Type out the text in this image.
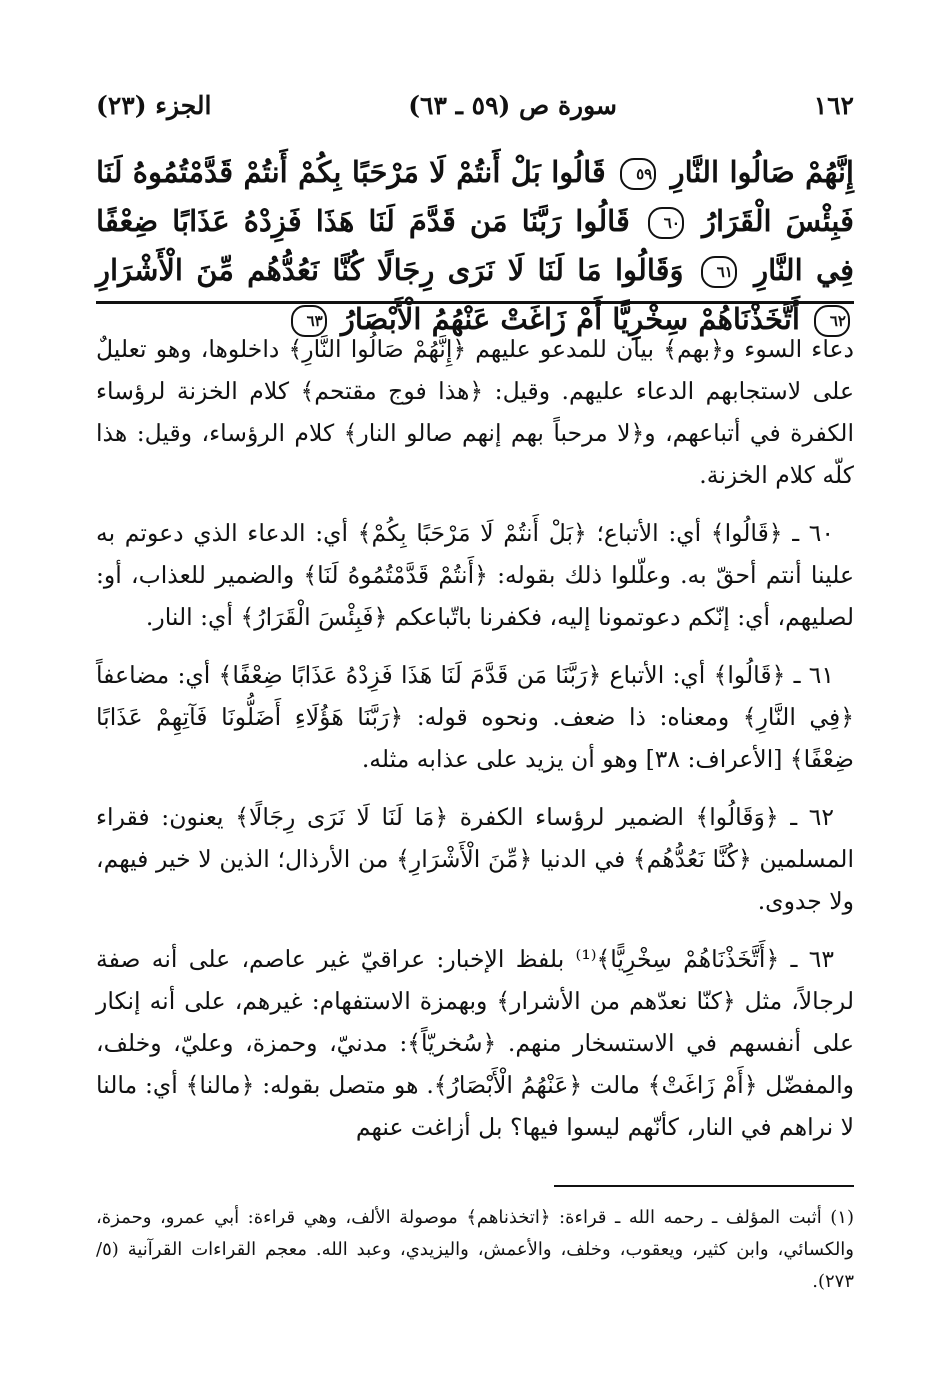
١٦٢
سورة ص (٥٩ ـ ٦٣)
الجزء (٢٣)
إِنَّهُمْ صَالُوا النَّارِ ٥٩ قَالُوا بَلْ أَنتُمْ لَا مَرْحَبًا بِكُمْ أَنتُمْ قَدَّمْتُمُوهُ لَنَا فَبِئْسَ الْقَرَارُ ٦٠ قَالُوا رَبَّنَا مَن قَدَّمَ لَنَا هَذَا فَزِدْهُ عَذَابًا ضِعْفًا فِي النَّارِ ٦١ وَقَالُوا مَا لَنَا لَا نَرَى رِجَالًا كُنَّا نَعُدُّهُم مِّنَ الْأَشْرَارِ ٦٢ أَتَّخَذْنَاهُمْ سِخْرِيًّا أَمْ زَاغَتْ عَنْهُمُ الْأَبْصَارُ ٦٣

دعاء السوء و﴿بهم﴾ بيان للمدعو عليهم ﴿إِنَّهُمْ صَالُوا النَّارِ﴾ داخلوها، وهو تعليلٌ على لاستجابهم الدعاء عليهم. وقيل: ﴿هذا فوج مقتحم﴾ كلام الخزنة لرؤساء الكفرة في أتباعهم، و﴿لا مرحباً بهم إنهم صالو النار﴾ كلام الرؤساء، وقيل: هذا كلّه كلام الخزنة.

٦٠ ـ ﴿قَالُوا﴾ أي: الأتباع؛ ﴿بَلْ أَنتُمْ لَا مَرْحَبًا بِكُمْ﴾ أي: الدعاء الذي دعوتم به علينا أنتم أحقّ به. وعلّلوا ذلك بقوله: ﴿أَنتُمْ قَدَّمْتُمُوهُ لَنَا﴾ والضمير للعذاب، أو: لصليهم، أي: إنّكم دعوتمونا إليه، فكفرنا باتّباعكم ﴿فَبِئْسَ الْقَرَارُ﴾ أي: النار.

٦١ ـ ﴿قَالُوا﴾ أي: الأتباع ﴿رَبَّنَا مَن قَدَّمَ لَنَا هَذَا فَزِدْهُ عَذَابًا ضِعْفًا﴾ أي: مضاعفاً ﴿فِي النَّارِ﴾ ومعناه: ذا ضعف. ونحوه قوله: ﴿رَبَّنَا هَؤُلَاءِ أَضَلُّونَا فَآتِهِمْ عَذَابًا ضِعْفًا﴾ [الأعراف: ٣٨] وهو أن يزيد على عذابه مثله.

٦٢ ـ ﴿وَقَالُوا﴾ الضمير لرؤساء الكفرة ﴿مَا لَنَا لَا نَرَى رِجَالًا﴾ يعنون: فقراء المسلمين ﴿كُنَّا نَعُدُّهُم﴾ في الدنيا ﴿مِّنَ الْأَشْرَارِ﴾ من الأرذال؛ الذين لا خير فيهم، ولا جدوى.

٦٣ ـ ﴿أَتَّخَذْنَاهُمْ سِخْرِيًّا﴾⁽¹⁾ بلفظ الإخبار: عراقيّ غير عاصم، على أنه صفة لرجالاً، مثل ﴿كنّا نعدّهم من الأشرار﴾ وبهمزة الاستفهام: غيرهم، على أنه إنكار على أنفسهم في الاستسخار منهم. ﴿سُخريّاً﴾: مدنيّ، وحمزة، وعليّ، وخلف، والمفضّل ﴿أَمْ زَاغَتْ﴾ مالت ﴿عَنْهُمُ الْأَبْصَارُ﴾. هو متصل بقوله: ﴿مالنا﴾ أي: مالنا لا نراهم في النار، كأنّهم ليسوا فيها؟ بل أزاغت عنهم

(١) أثبت المؤلف ـ رحمه الله ـ قراءة: ﴿اتخذناهم﴾ موصولة الألف، وهي قراءة: أبي عمرو، وحمزة، والكسائي، وابن كثير، ويعقوب، وخلف، والأعمش، واليزيدي، وعبد الله. معجم القراءات القرآنية (٥/ ٢٧٣).
